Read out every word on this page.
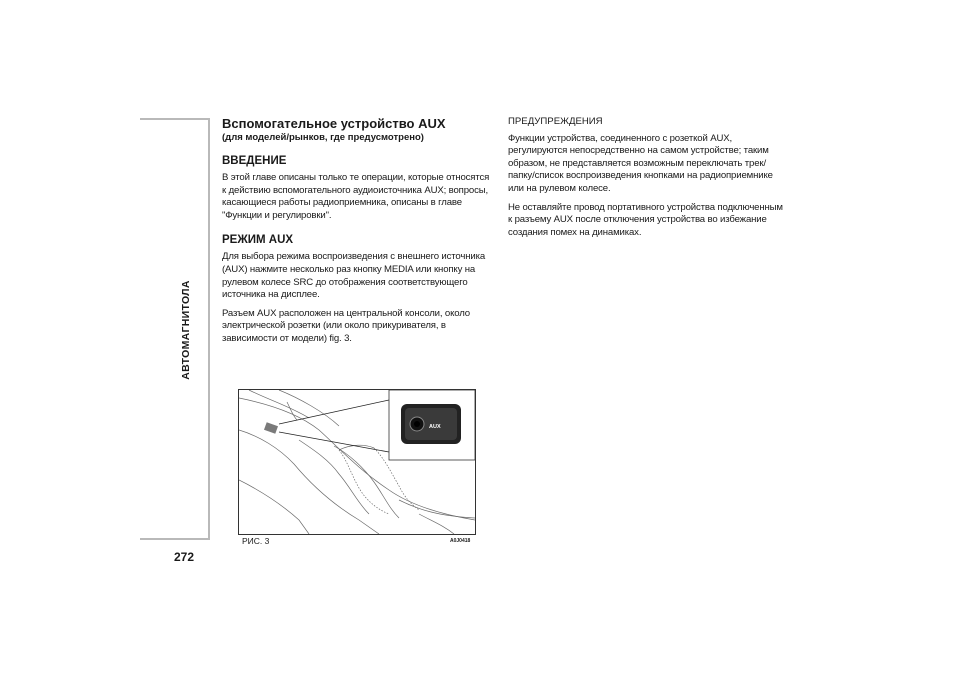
АВТОМАГНИТОЛА
272
Вспомогательное устройство AUX
(для моделей/рынков, где предусмотрено)
ВВЕДЕНИЕ

В этой главе описаны только те операции, которые относятся к действию вспомогательного аудиоисточника AUX; вопросы, касающиеся работы радиоприемника, описаны в главе "Функции и регулировки".

РЕЖИМ AUX

Для выбора режима воспроизведения с внешнего источника (AUX) нажмите несколько раз кнопку MEDIA или кнопку на рулевом колесе SRC до отображения соответствующего источника на дисплее.

Разъем AUX расположен на центральной консоли, около электрической розетки (или около прикуривателя, в зависимости от модели) fig. 3.

ПРЕДУПРЕЖДЕНИЯ

Функции устройства, соединенного с розеткой AUX, регулируются непосредственно на самом устройстве; таким образом, не представляется возможным переключать трек/папку/список воспроизведения кнопками на радиоприемнике или на рулевом колесе.

Не оставляйте провод портативного устройства подключенным к разъему AUX после отключения устройства во избежание создания помех на динамиках.

AUX
РИС. 3	A0J0418
